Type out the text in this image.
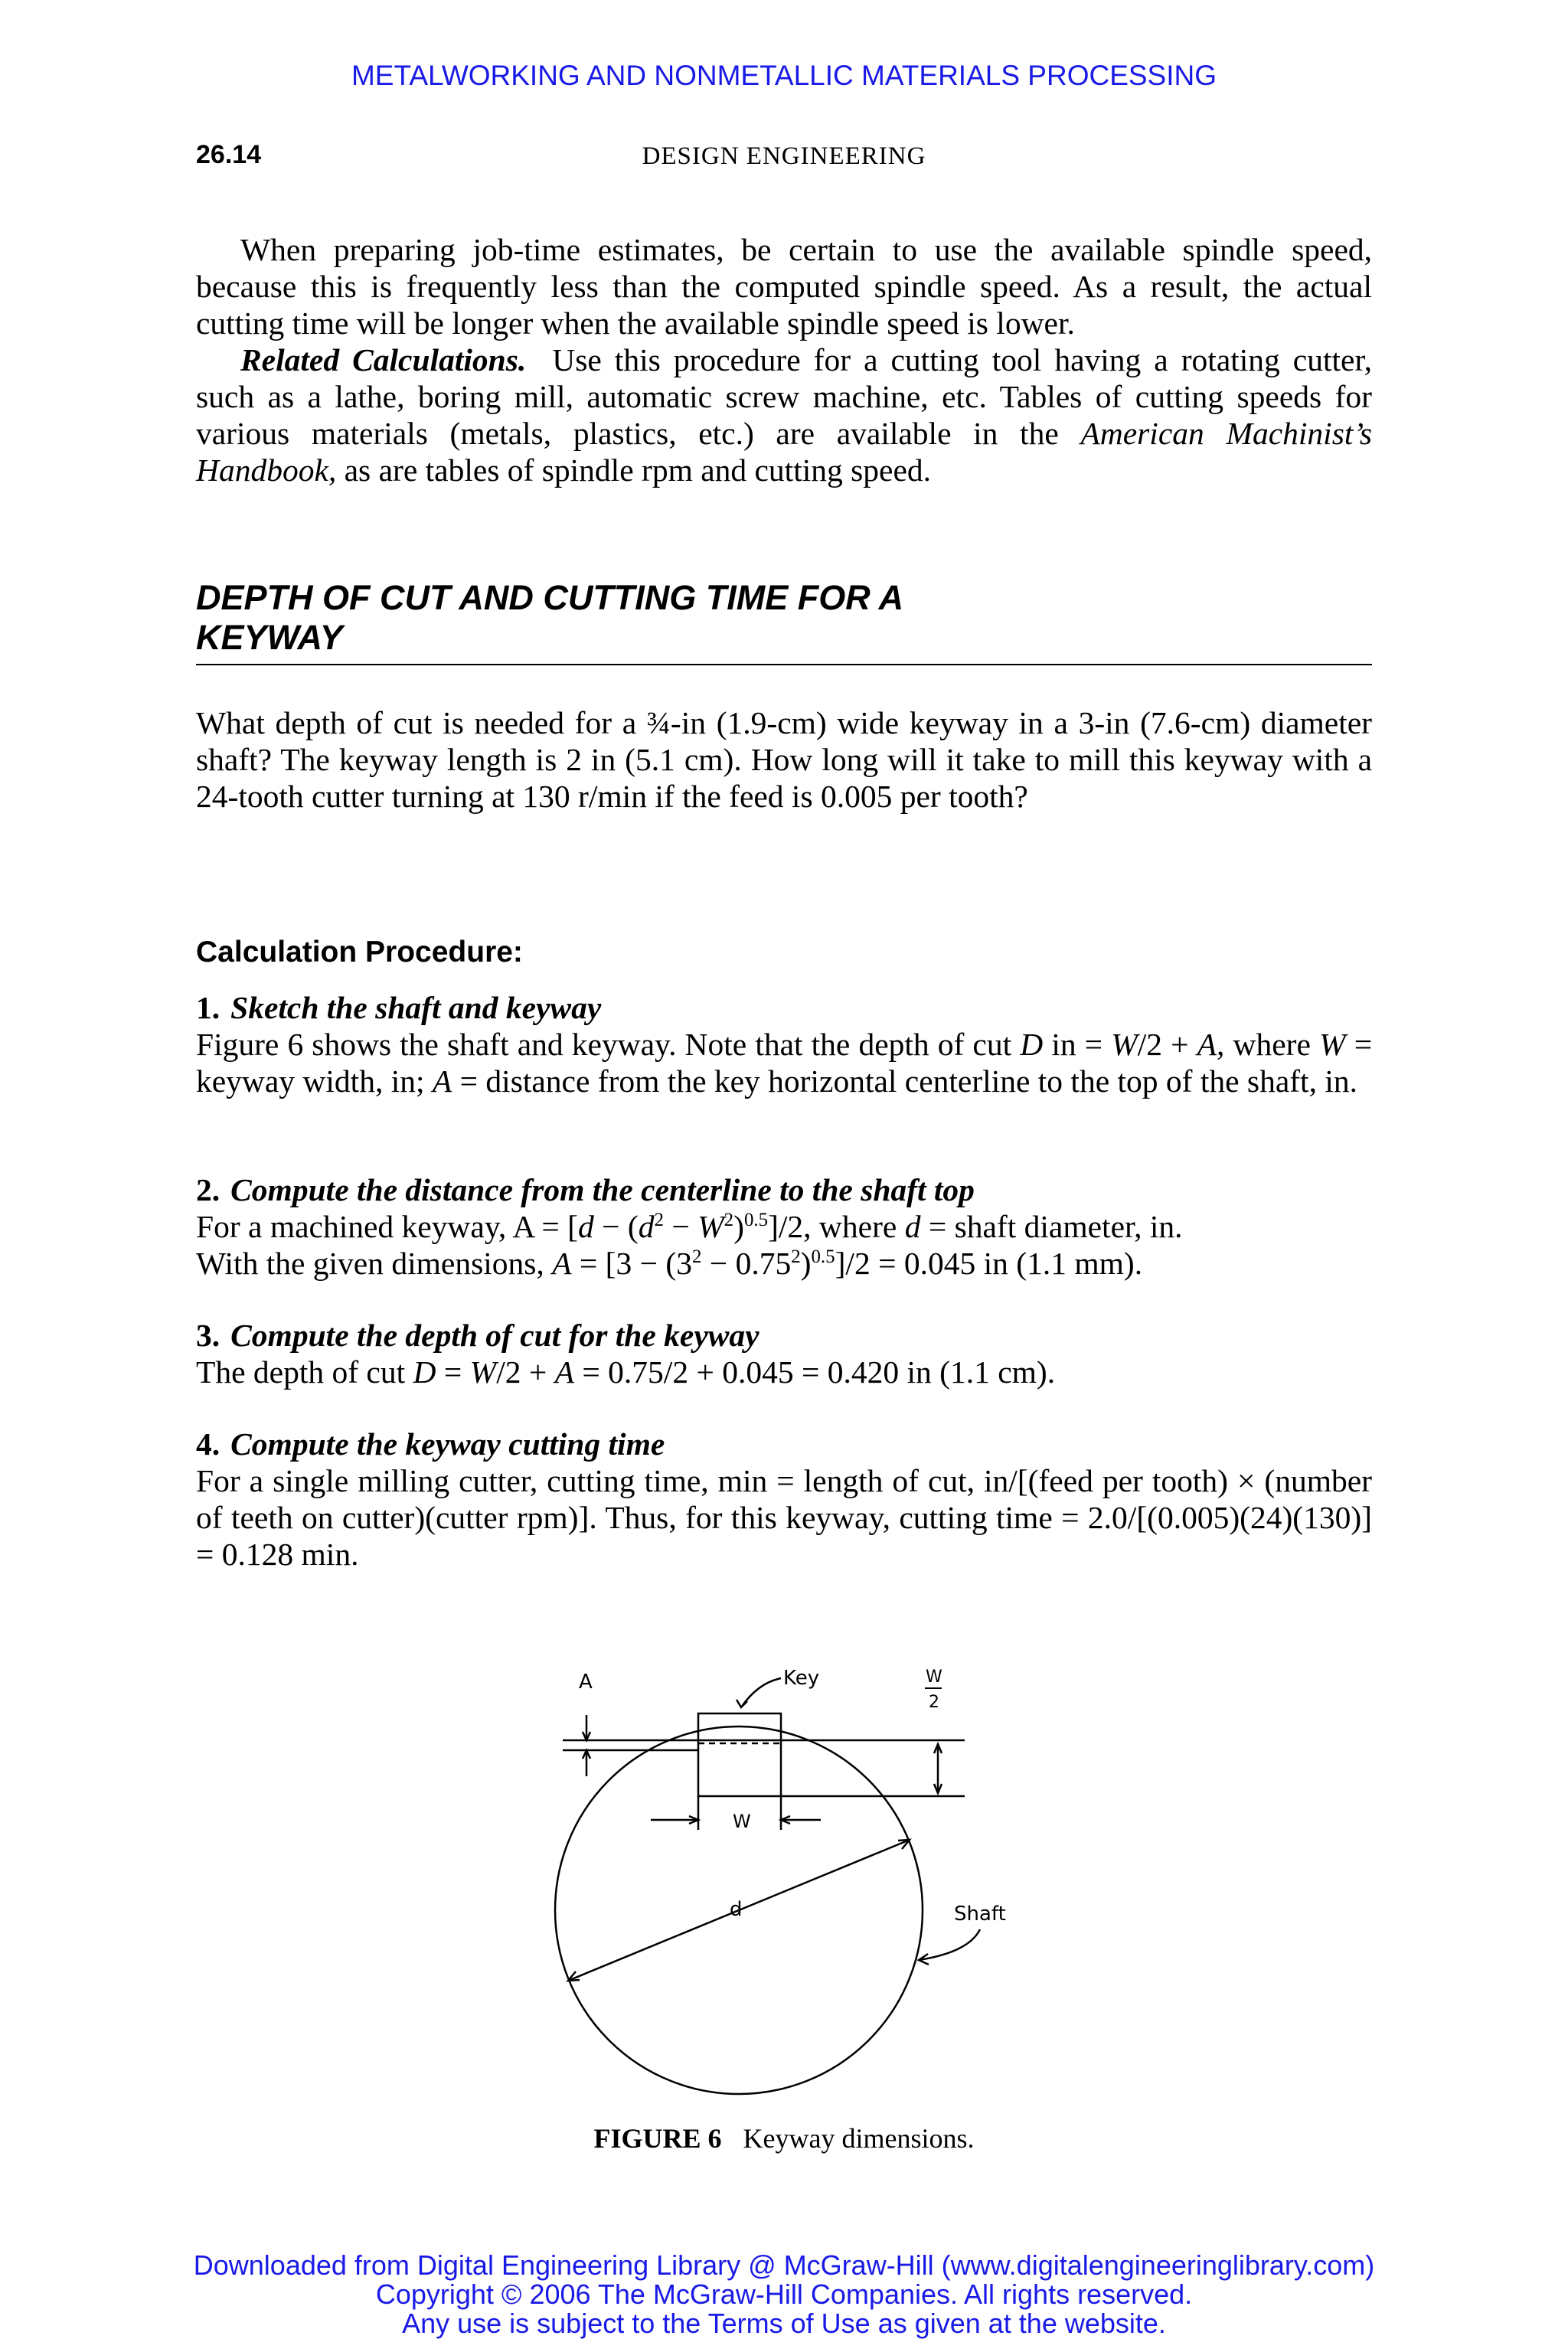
METALWORKING AND NONMETALLIC MATERIALS PROCESSING
26.14	DESIGN ENGINEERING

When preparing job-time estimates, be certain to use the available spindle speed, because this is frequently less than the computed spindle speed. As a result, the actual cutting time will be longer when the available spindle speed is lower.

Related Calculations. Use this procedure for a cutting tool having a rotating cutter, such as a lathe, boring mill, automatic screw machine, etc. Tables of cutting speeds for various materials (metals, plastics, etc.) are available in the American Machinist’s Handbook, as are tables of spindle rpm and cutting speed.

DEPTH OF CUT AND CUTTING TIME FOR A
KEYWAY

What depth of cut is needed for a ¾-in (1.9-cm) wide keyway in a 3-in (7.6-cm) diameter shaft? The keyway length is 2 in (5.1 cm). How long will it take to mill this keyway with a 24-tooth cutter turning at 130 r/min if the feed is 0.005 per tooth?

Calculation Procedure:
1. Sketch the shaft and keyway
Figure 6 shows the shaft and keyway. Note that the depth of cut D in = W/2 + A, where W = keyway width, in; A = distance from the key horizontal centerline to the top of the shaft, in.
2. Compute the distance from the centerline to the shaft top
For a machined keyway, $A = [d - (d^2 - W^2)^{0.5}]/2$, where d = shaft diameter, in.
With the given dimensions, $A = [3 - (3^2 - 0.75^2)^{0.5}]/2 = 0.045$ in (1.1 mm).
3. Compute the depth of cut for the keyway
The depth of cut D = W/2 + A = 0.75/2 + 0.045 = 0.420 in (1.1 cm).
4. Compute the keyway cutting time
For a single milling cutter, cutting time, min = length of cut, in/[(feed per tooth) × (number of teeth on cutter)(cutter rpm)]. Thus, for this keyway, cutting time = 2.0/[(0.005)(24)(130)] = 0.128 min.
A	Key	W
2
W
d	Shaft
FIGURE 6 Keyway dimensions.
Downloaded from Digital Engineering Library @ McGraw-Hill (www.digitalengineeringlibrary.com)
Copyright © 2006 The McGraw-Hill Companies. All rights reserved.
Any use is subject to the Terms of Use as given at the website.
